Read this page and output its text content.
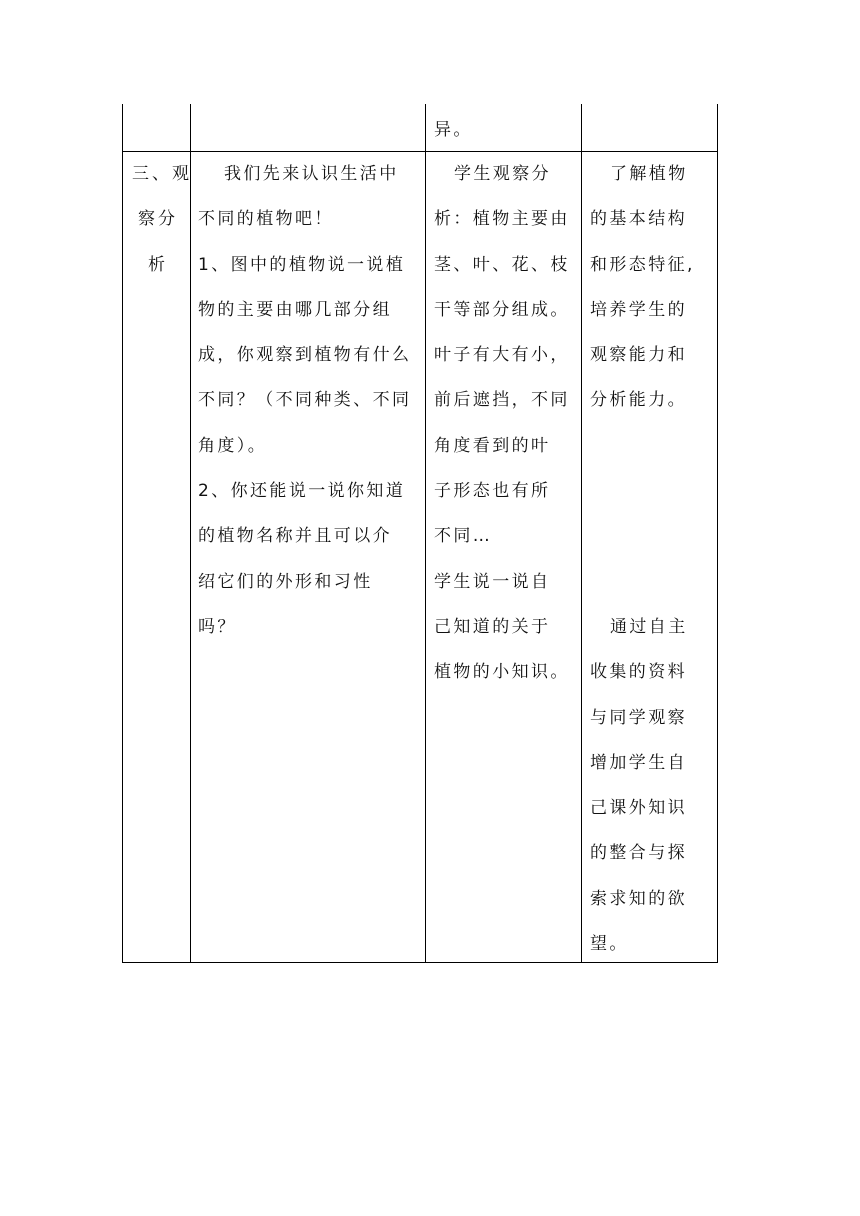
异。
三、观
察分
析
我们先来认识生活中
不同的植物吧！
1、图中的植物说一说植
物的主要由哪几部分组
成，你观察到植物有什么
不同？（不同种类、不同
角度）。
2、你还能说一说你知道
的植物名称并且可以介
绍它们的外形和习性
吗？
学生观察分
析：植物主要由
茎、叶、花、枝
干等部分组成。
叶子有大有小，
前后遮挡，不同
角度看到的叶
子形态也有所
不同…
学生说一说自
己知道的关于
植物的小知识。
了解植物
的基本结构
和形态特征,
培养学生的
观察能力和
分析能力。
通过自主
收集的资料
与同学观察
增加学生自
己课外知识
的整合与探
索求知的欲
望。
